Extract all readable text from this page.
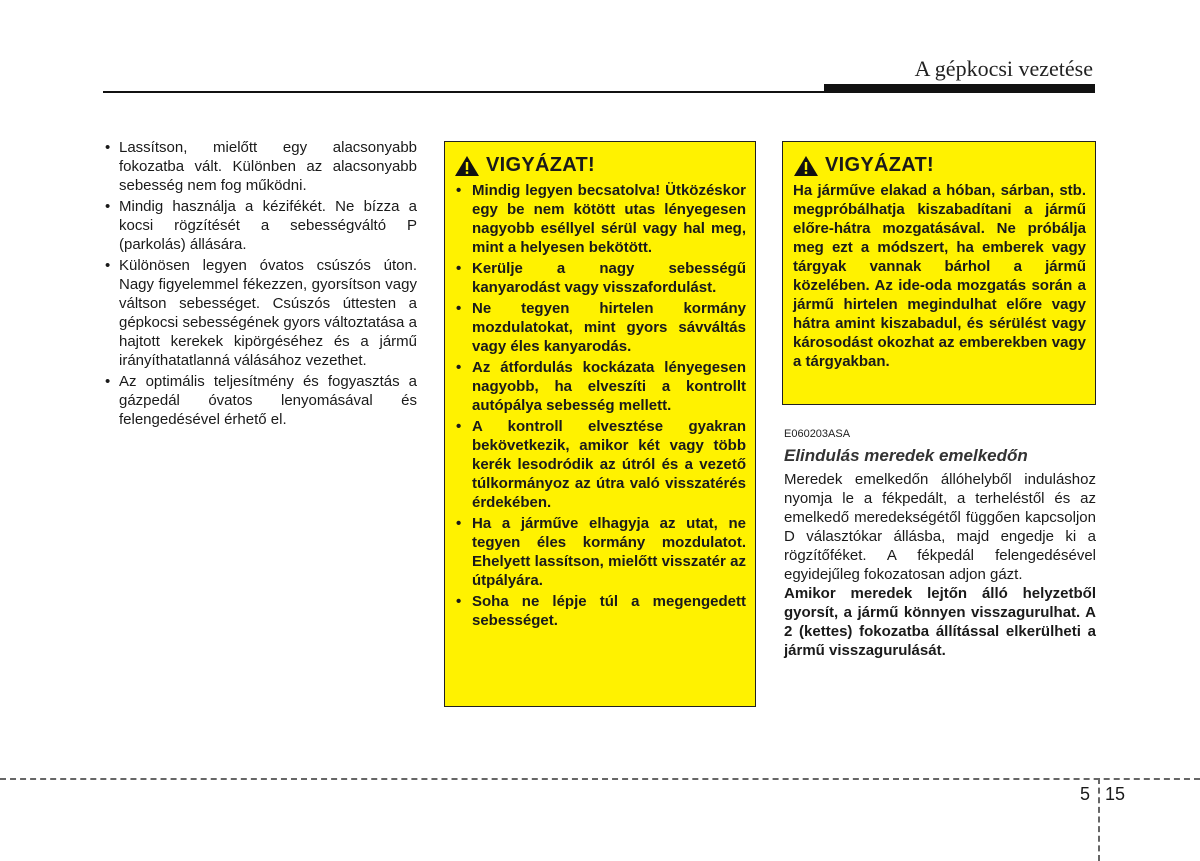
A gépkocsi vezetése
• Lassítson, mielőtt egy alacsonyabb fokozatba vált. Különben az alacsonyabb sebesség nem fog működni.
• Mindig használja a kézifékét. Ne bízza a kocsi rögzítését a sebességváltó P (parkolás) állására.
• Különösen legyen óvatos csúszós úton. Nagy figyelemmel fékezzen, gyorsítson vagy váltson sebességet. Csúszós úttesten a gépkocsi sebességének gyors változtatása a hajtott kerekek kipörgéséhez és a jármű irányíthatatlanná válásához vezethet.
• Az optimális teljesítmény és fogyasztás a gázpedál óvatos lenyomásával és felengedésével érhető el.
VIGYÁZAT!
• Mindig legyen becsatolva! Ütközéskor egy be nem kötött utas lényegesen nagyobb eséllyel sérül vagy hal meg, mint a helyesen bekötött.
• Kerülje a nagy sebességű kanyarodást vagy visszafordulást.
• Ne tegyen hirtelen kormány mozdulatokat, mint gyors sávváltás vagy éles kanyarodás.
• Az átfordulás kockázata lényegesen nagyobb, ha elveszíti a kontrollt autópálya sebesség mellett.
• A kontroll elvesztése gyakran bekövetkezik, amikor két vagy több kerék lesodródik az útról és a vezető túlkormányoz az útra való visszatérés érdekében.
• Ha a járműve elhagyja az utat, ne tegyen éles kormány mozdulatot. Ehelyett lassítson, mielőtt visszatér az útpályára.
• Soha ne lépje túl a megengedett sebességet.
VIGYÁZAT!
Ha járműve elakad a hóban, sárban, stb. megpróbálhatja kiszabadítani a jármű előre-hátra mozgatásával. Ne próbálja meg ezt a módszert, ha emberek vagy tárgyak vannak bárhol a jármű közelében. Az ide-oda mozgatás során a jármű hirtelen megindulhat előre vagy hátra amint kiszabadul, és sérülést vagy károsodást okozhat az emberekben vagy a tárgyakban.
E060203ASA
Elindulás meredek emelkedőn
Meredek emelkedőn állóhelyből induláshoz nyomja le a fékpedált, a terheléstől és az emelkedő meredekségétől függően kapcsoljon D választókar állásba, majd engedje ki a rögzítőféket. A fékpedál felengedésével egyidejűleg fokozatosan adjon gázt.
Amikor meredek lejtőn álló helyzetből gyorsít, a jármű könnyen visszagurulhat. A 2 (kettes) fokozatba állítással elkerülheti a jármű visszagurulását.
5 15
